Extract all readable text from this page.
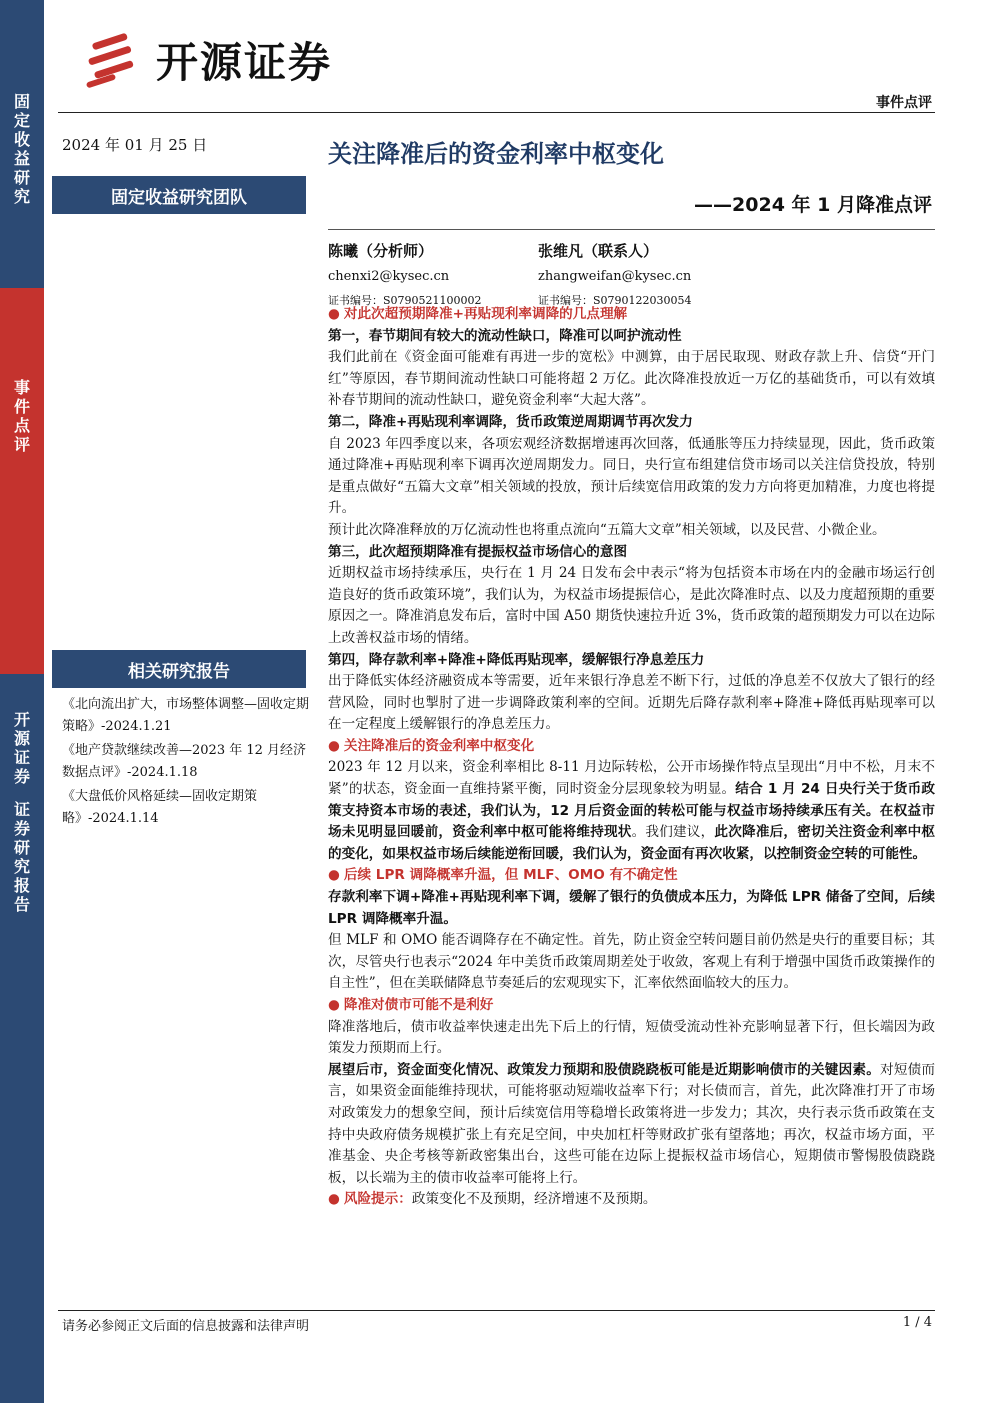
固
定
收
益
研
究
事
件
点
评
开
源
证
券
证
券
研
究
报
告
开源证券
事件点评
2024 年 01 月 25 日	关注降准后的资金利率中枢变化
固定收益研究团队	——2024 年 1 月降准点评
陈曦（分析师）
chenxi2@kysec.cn
证书编号：S0790521100002
张维凡（联系人）
zhangweifan@kysec.cn
证书编号：S0790122030054
相关研究报告
《北向流出扩大，市场整体调整—固收定期策略》-2024.1.21
《地产贷款继续改善—2023 年 12 月经济数据点评》-2024.1.18
《大盘低价风格延续—固收定期策略》-2024.1.14

● 对此次超预期降准+再贴现利率调降的几点理解

第一，春节期间有较大的流动性缺口，降准可以呵护流动性

我们此前在《资金面可能难有再进一步的宽松》中测算，由于居民取现、财政存款上升、信贷“开门红”等原因，春节期间流动性缺口可能将超 2 万亿。此次降准投放近一万亿的基础货币，可以有效填补春节期间的流动性缺口，避免资金利率“大起大落”。

第二，降准+再贴现利率调降，货币政策逆周期调节再次发力

自 2023 年四季度以来，各项宏观经济数据增速再次回落，低通胀等压力持续显现，因此，货币政策通过降准+再贴现利率下调再次逆周期发力。同日，央行宣布组建信贷市场司以关注信贷投放，特别是重点做好“五篇大文章”相关领域的投放，预计后续宽信用政策的发力方向将更加精准，力度也将提升。

预计此次降准释放的万亿流动性也将重点流向“五篇大文章”相关领域，以及民营、小微企业。

第三，此次超预期降准有提振权益市场信心的意图

近期权益市场持续承压，央行在 1 月 24 日发布会中表示“将为包括资本市场在内的金融市场运行创造良好的货币政策环境”，我们认为，为权益市场提振信心，是此次降准时点、以及力度超预期的重要原因之一。降准消息发布后，富时中国 A50 期货快速拉升近 3%，货币政策的超预期发力可以在边际上改善权益市场的情绪。

第四，降存款利率+降准+降低再贴现率，缓解银行净息差压力

出于降低实体经济融资成本等需要，近年来银行净息差不断下行，过低的净息差不仅放大了银行的经营风险，同时也掣肘了进一步调降政策利率的空间。近期先后降存款利率+降准+降低再贴现率可以在一定程度上缓解银行的净息差压力。

● 关注降准后的资金利率中枢变化

2023 年 12 月以来，资金利率相比 8-11 月边际转松，公开市场操作特点呈现出“月中不松，月末不紧”的状态，资金面一直维持紧平衡，同时资金分层现象较为明显。结合 1 月 24 日央行关于货币政策支持资本市场的表述，我们认为，12 月后资金面的转松可能与权益市场持续承压有关。在权益市场未见明显回暖前，资金利率中枢可能将维持现状。我们建议，此次降准后，密切关注资金利率中枢的变化，如果权益市场后续能逆衔回暖，我们认为，资金面有再次收紧，以控制资金空转的可能性。

● 后续 LPR 调降概率升温，但 MLF、OMO 有不确定性

存款利率下调+降准+再贴现利率下调，缓解了银行的负债成本压力，为降低 LPR 储备了空间，后续 LPR 调降概率升温。

但 MLF 和 OMO 能否调降存在不确定性。首先，防止资金空转问题目前仍然是央行的重要目标；其次，尽管央行也表示“2024 年中美货币政策周期差处于收敛，客观上有利于增强中国货币政策操作的自主性”，但在美联储降息节奏延后的宏观现实下，汇率依然面临较大的压力。

● 降准对债市可能不是利好

降准落地后，债市收益率快速走出先下后上的行情，短债受流动性补充影响显著下行，但长端因为政策发力预期而上行。

展望后市，资金面变化情况、政策发力预期和股债跷跷板可能是近期影响债市的关键因素。对短债而言，如果资金面能维持现状，可能将驱动短端收益率下行；对长债而言，首先，此次降准打开了市场对政策发力的想象空间，预计后续宽信用等稳增长政策将进一步发力；其次，央行表示货币政策在支持中央政府债务规模扩张上有充足空间，中央加杠杆等财政扩张有望落地；再次，权益市场方面，平准基金、央企考核等新政密集出台，这些可能在边际上提振权益市场信心，短期债市警惕股债跷跷板，以长端为主的债市收益率可能将上行。

● 风险提示：政策变化不及预期，经济增速不及预期。

请务必参阅正文后面的信息披露和法律声明	1 / 4
